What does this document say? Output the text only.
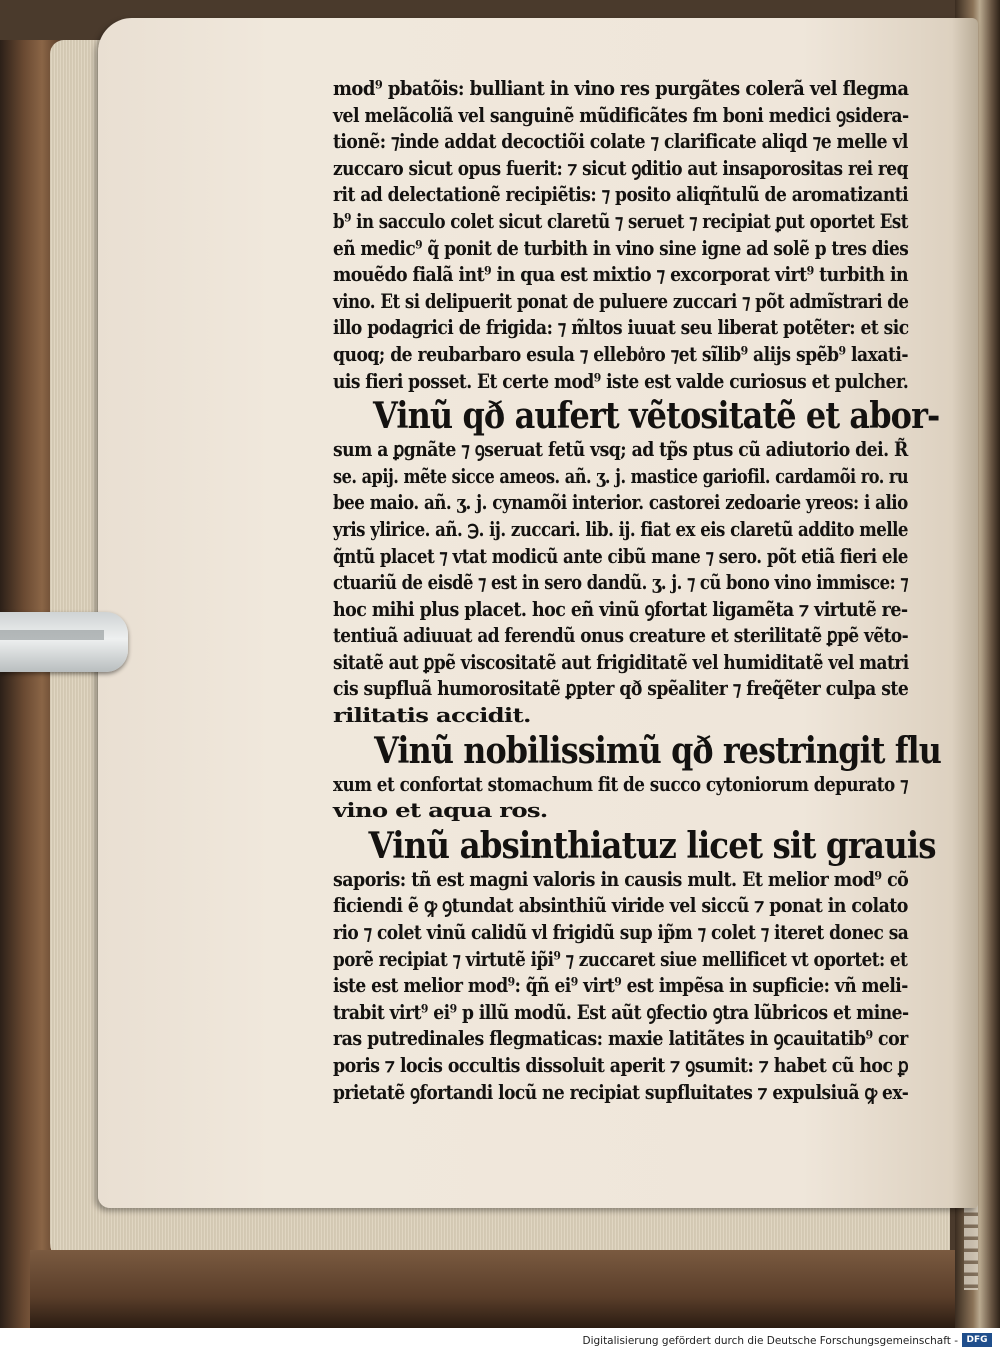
mod⁹ pbatõis: bulliant in vino res purgãtes colerã vel flegma
vel melãcoliã vel sanguinẽ mũdificãtes fm boni medici ꝯsidera-
tionẽ: ⁊inde addat decoctiõi colate ⁊ clarificate aliqd ⁊e melle vl
zuccaro sicut opus fuerit: ⁊ sicut ꝯditio aut insaporositas rei req
rit ad delectationẽ recipiẽtis: ⁊ posito aliqñtulũ de aromatizanti
b⁹ in sacculo colet sicut claretũ ⁊ seruet ⁊ recipiat ꝑut oportet Est
eñ medic⁹ q̃ ponit de turbith in vino sine igne ad solẽ p tres dies
mouẽdo fialã int⁹ in qua est mixtio ⁊ excorporat virt⁹ turbith in
vino. Et si delipuerit ponat de puluere zuccari ⁊ põt admĩstrari de
illo podagrici de frigida: ⁊ m̃ltos iuuat seu liberat potẽter: et sic
quoq; de reubarbaro esula ⁊ ellebo͛ro ⁊et sĩlib⁹ alijs spẽb⁹ laxati-
uis fieri posset. Et certe mod⁹ iste est valde curiosus et pulcher.
Vinũ qð aufert vẽtositatẽ et abor-
sum a ꝑgnãte ⁊ ꝯseruat fetũ vsq; ad tp̃s ptus cũ adiutorio dei. R̃
se. apij. mẽte sicce ameos. añ. ʒ. j. mastice gariofil. cardamõi ro. ru
bee maio. añ. ʒ. j. cynamõi interior. castorei zedoarie yreos: i alio
yris ylirice. añ. ℈. ij. zuccari. lib. ij. fiat ex eis claretũ addito melle
q̃ntũ placet ⁊ vtat modicũ ante cibũ mane ⁊ sero. põt etiã fieri ele
ctuariũ de eisdẽ ⁊ est in sero dandũ. ʒ. j. ⁊ cũ bono vino immisce: ⁊
hoc mihi plus placet. hoc eñ vinũ ꝯfortat ligamẽta ⁊ virtutẽ re-
tentiuã adiuuat ad ferendũ onus creature et sterilitatẽ ꝑpẽ vẽto-
sitatẽ aut ꝑpẽ viscositatẽ aut frigiditatẽ vel humiditatẽ vel matri
cis supfluã humorositatẽ ꝑpter qð spẽaliter ⁊ freq̃ẽter culpa ste
rilitatis accidit.
Vinũ nobilissimũ qð restringit flu
xum et confortat stomachum fit de succo cytoniorum depurato ⁊
vino et aqua ros.
Vinũ absinthiatuz licet sit grauis
saporis: tñ est magni valoris in causis mult. Et melior mod⁹ cõ
ficiendi ẽ ꝙ ꝯtundat absinthiũ viride vel siccũ ⁊ ponat in colato
rio ⁊ colet vinũ calidũ vl frigidũ sup ip̃m ⁊ colet ⁊ iteret donec sa
porẽ recipiat ⁊ virtutẽ ip̃i⁹ ⁊ zuccaret siue mellificet vt oportet: et
iste est melior mod⁹: q̃ñ ei⁹ virt⁹ est impẽsa in supficie: vñ meli-
trabit virt⁹ ei⁹ p illũ modũ. Est aũt ꝯfectio ꝯtra lũbricos et mine-
ras putredinales flegmaticas: maxie latitãtes in ꝯcauitatib⁹ cor
poris ⁊ locis occultis dissoluit aperit ⁊ ꝯsumit: ⁊ habet cũ hoc ꝑ
prietatẽ ꝯfortandi locũ ne recipiat supfluitates ⁊ expulsiuã ꝙ ex-
Digitalisierung gefördert durch die Deutsche Forschungsgemeinschaft - DFG
